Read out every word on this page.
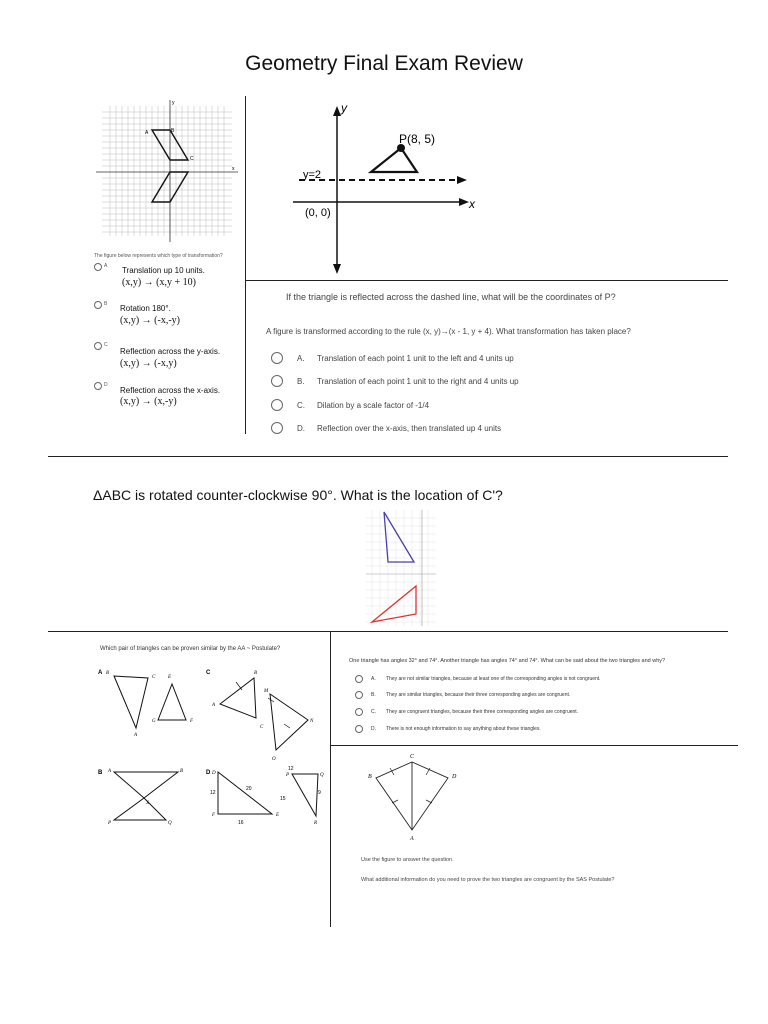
Geometry Final Exam Review
A	B
C
y
x
The figure below represents which type of transformation?
A Translation up 10 units.
(x,y) → (x,y + 10)
B Rotation 180°.
(x,y) → (-x,-y)
C
Reflection across the y-axis.
(x,y) → (-x,y)
D
Reflection across the x-axis.
(x,y) → (x,-y)
y
x
P(8, 5)
y=2
(0, 0)
If the triangle is reflected across the dashed line, what will be the coordinates of P?
A figure is transformed according to the rule (x, y)→(x - 1, y + 4). What transformation has taken place?
A. Translation of each point 1 unit to the left and 4 units up
B. Translation of each point 1 unit to the right and 4 units up
C. Dilation by a scale factor of -1/4
D. Reflection over the x-axis, then translated up 4 units
ΔABC is rotated counter-clockwise 90°. What is the location of C'?
Which pair of triangles can be proven similar by the AA ~ Postulate?
A	C
B	D
B
C	E
A
G	F
B
M
A
N
C
O
A	B
X
P	Q
D	P	Q
F	E
R
12
20
16
12
15
9
One triangle has angles 32° and 74°. Another triangle has angles 74° and 74°. What can be said about the two triangles and why?
A. They are not similar triangles, because at least one of the corresponding angles is not congruent.
B. They are similar triangles, because their three corresponding angles are congruent.
C. They are congruent triangles, because their three corresponding angles are congruent.
D. There is not enough information to say anything about these triangles.
C
B	D
A
Use the figure to answer the question.
What additional information do you need to prove the two triangles are congruent by the SAS Postulate?
